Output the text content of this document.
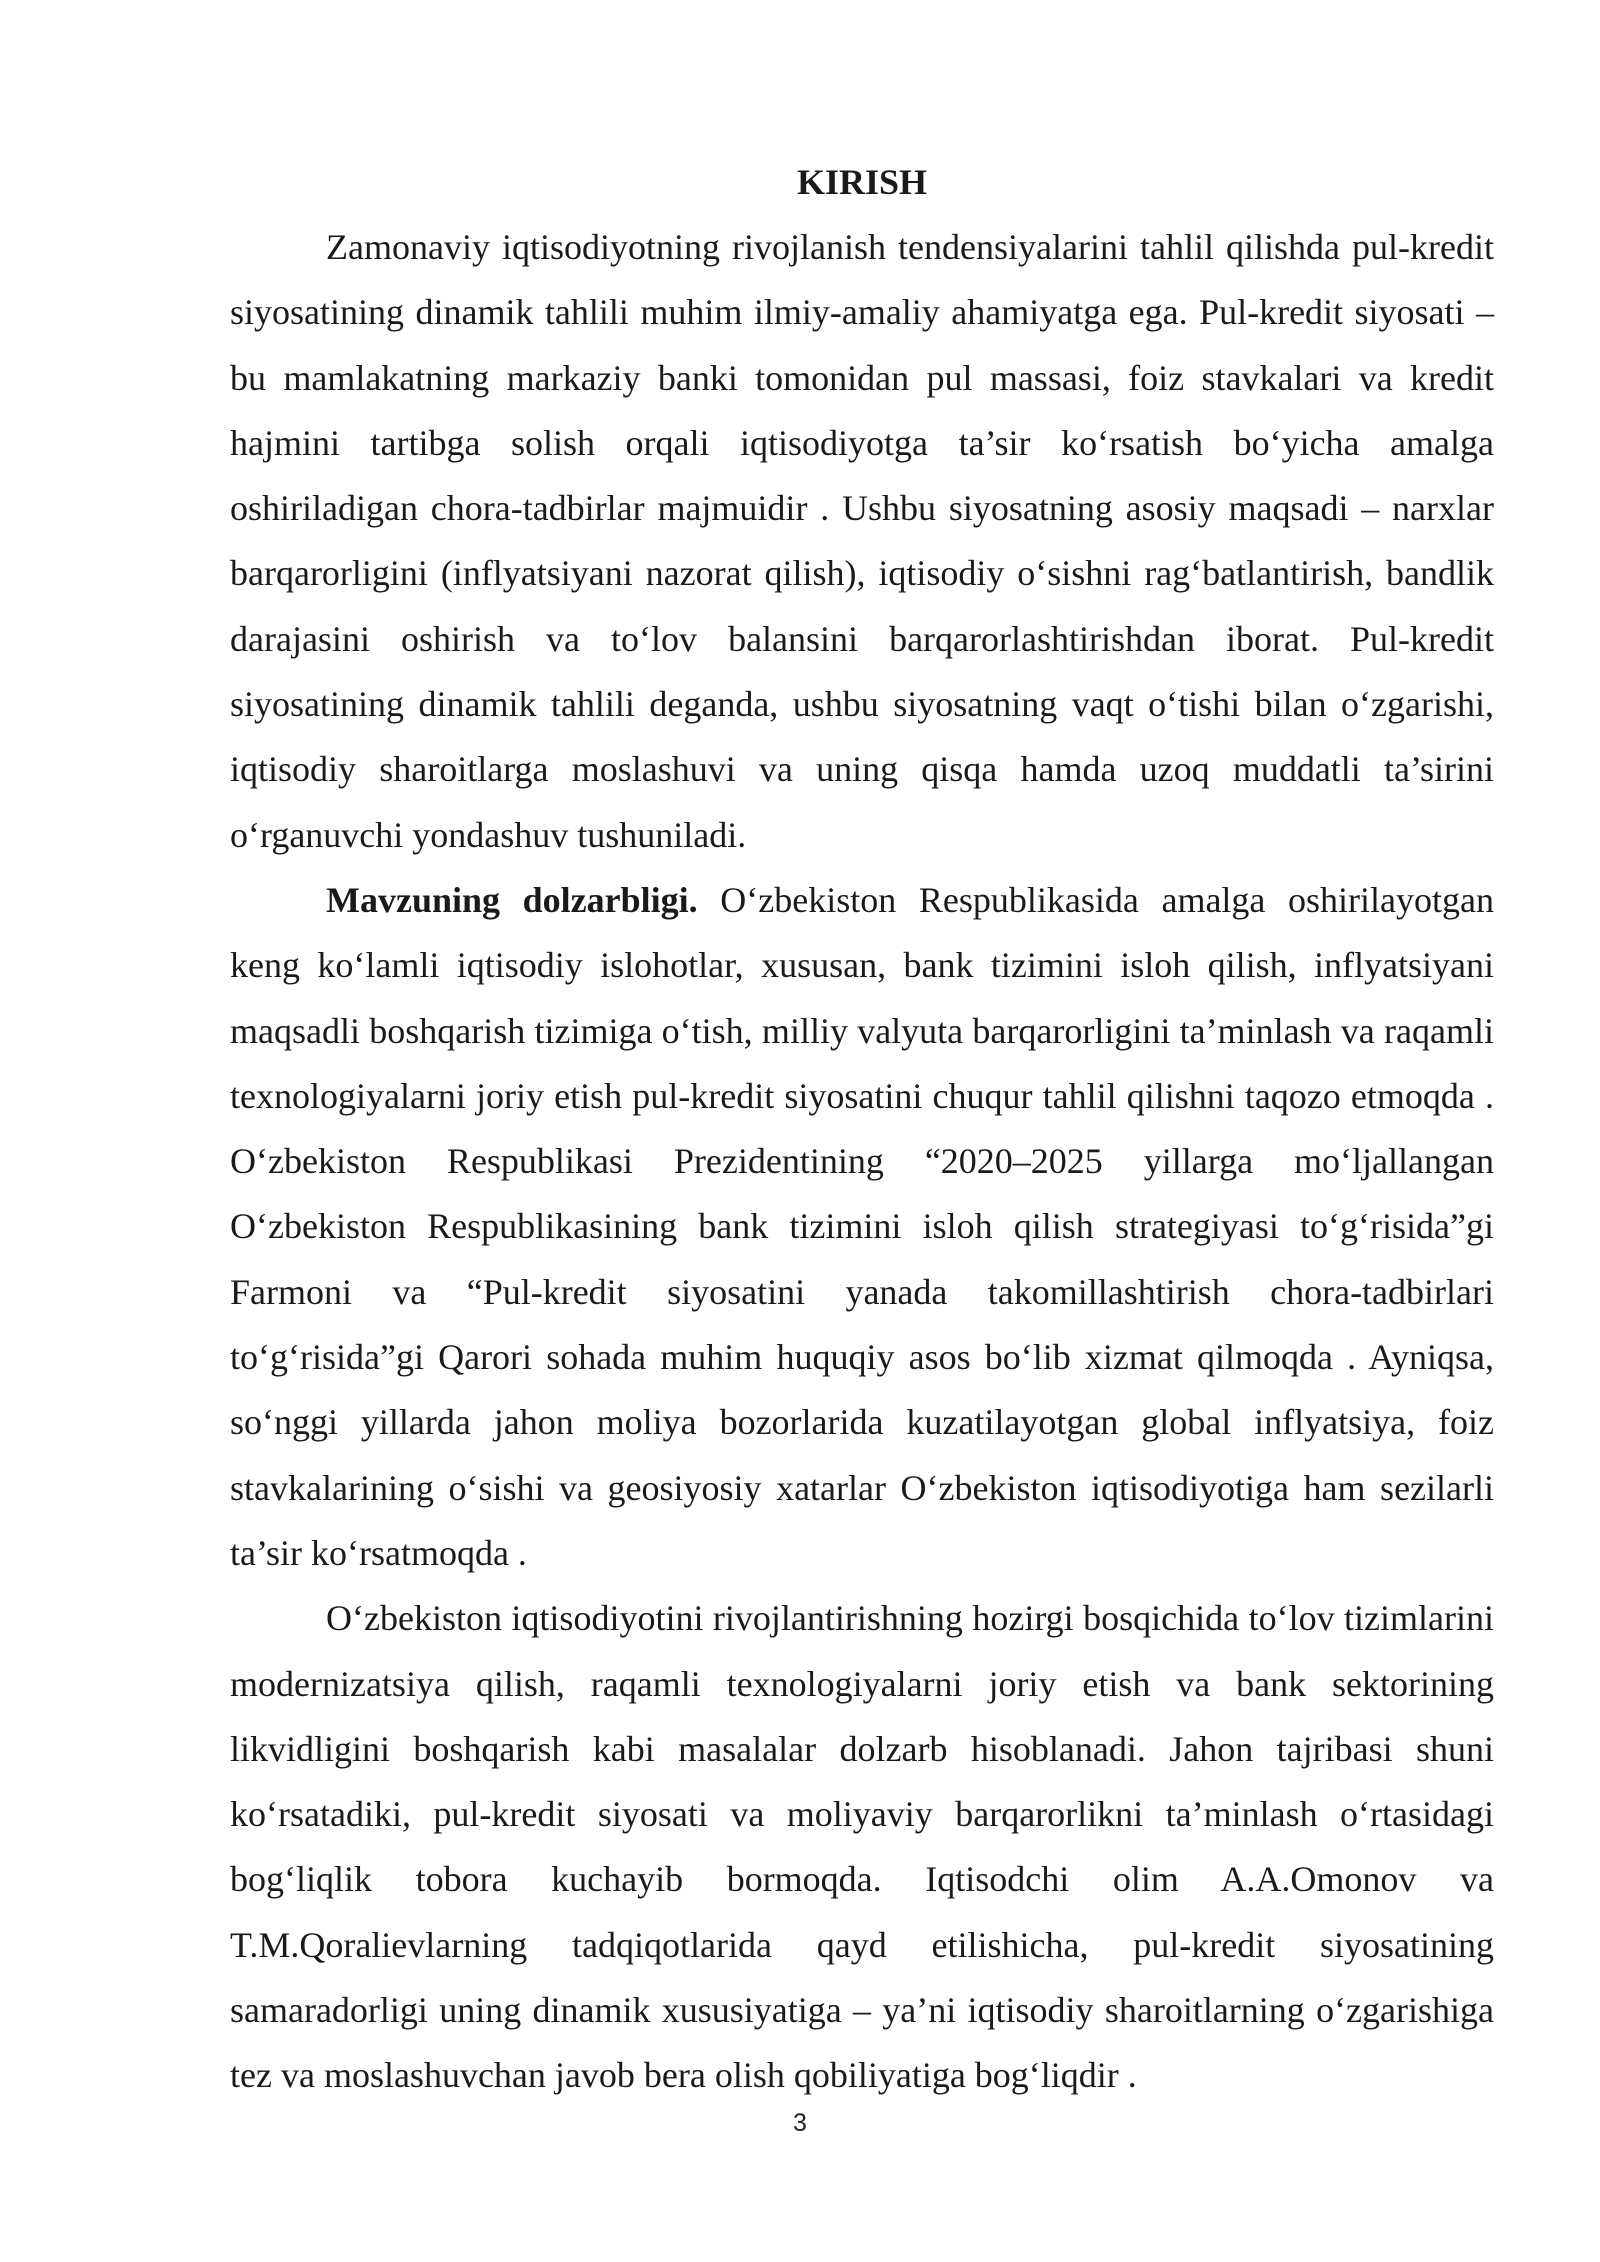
KIRISH

Zamonaviy iqtisodiyotning rivojlanish tendensiyalarini tahlil qilishda pul-kredit siyosatining dinamik tahlili muhim ilmiy-amaliy ahamiyatga ega. Pul-kredit siyosati – bu mamlakatning markaziy banki tomonidan pul massasi, foiz stavkalari va kredit hajmini tartibga solish orqali iqtisodiyotga ta’sir ko‘rsatish bo‘yicha amalga oshiriladigan chora-tadbirlar majmuidir . Ushbu siyosatning asosiy maqsadi – narxlar barqarorligini (inflyatsiyani nazorat qilish), iqtisodiy o‘sishni rag‘batlantirish, bandlik darajasini oshirish va to‘lov balansini barqarorlashtirishdan iborat. Pul-kredit siyosatining dinamik tahlili deganda, ushbu siyosatning vaqt o‘tishi bilan o‘zgarishi, iqtisodiy sharoitlarga moslashuvi va uning qisqa hamda uzoq muddatli ta’sirini o‘rganuvchi yondashuv tushuniladi.

Mavzuning dolzarbligi. O‘zbekiston Respublikasida amalga oshirilayotgan keng ko‘lamli iqtisodiy islohotlar, xususan, bank tizimini isloh qilish, inflyatsiyani maqsadli boshqarish tizimiga o‘tish, milliy valyuta barqarorligini ta’minlash va raqamli texnologiyalarni joriy etish pul-kredit siyosatini chuqur tahlil qilishni taqozo etmoqda . O‘zbekiston Respublikasi Prezidentining “2020–2025 yillarga mo‘ljallangan O‘zbekiston Respublikasining bank tizimini isloh qilish strategiyasi to‘g‘risida”gi Farmoni va “Pul-kredit siyosatini yanada takomillashtirish chora-tadbirlari to‘g‘risida”gi Qarori sohada muhim huquqiy asos bo‘lib xizmat qilmoqda . Ayniqsa, so‘nggi yillarda jahon moliya bozorlarida kuzatilayotgan global inflyatsiya, foiz stavkalarining o‘sishi va geosiyosiy xatarlar O‘zbekiston iqtisodiyotiga ham sezilarli ta’sir ko‘rsatmoqda .

O‘zbekiston iqtisodiyotini rivojlantirishning hozirgi bosqichida to‘lov tizimlarini modernizatsiya qilish, raqamli texnologiyalarni joriy etish va bank sektorining likvidligini boshqarish kabi masalalar dolzarb hisoblanadi. Jahon tajribasi shuni ko‘rsatadiki, pul-kredit siyosati va moliyaviy barqarorlikni ta’minlash o‘rtasidagi bog‘liqlik tobora kuchayib bormoqda. Iqtisodchi olim A.A.Omonov va T.M.Qoralievlarning tadqiqotlarida qayd etilishicha, pul-kredit siyosatining samaradorligi uning dinamik xususiyatiga – ya’ni iqtisodiy sharoitlarning o‘zgarishiga tez va moslashuvchan javob bera olish qobiliyatiga bog‘liqdir .

3
